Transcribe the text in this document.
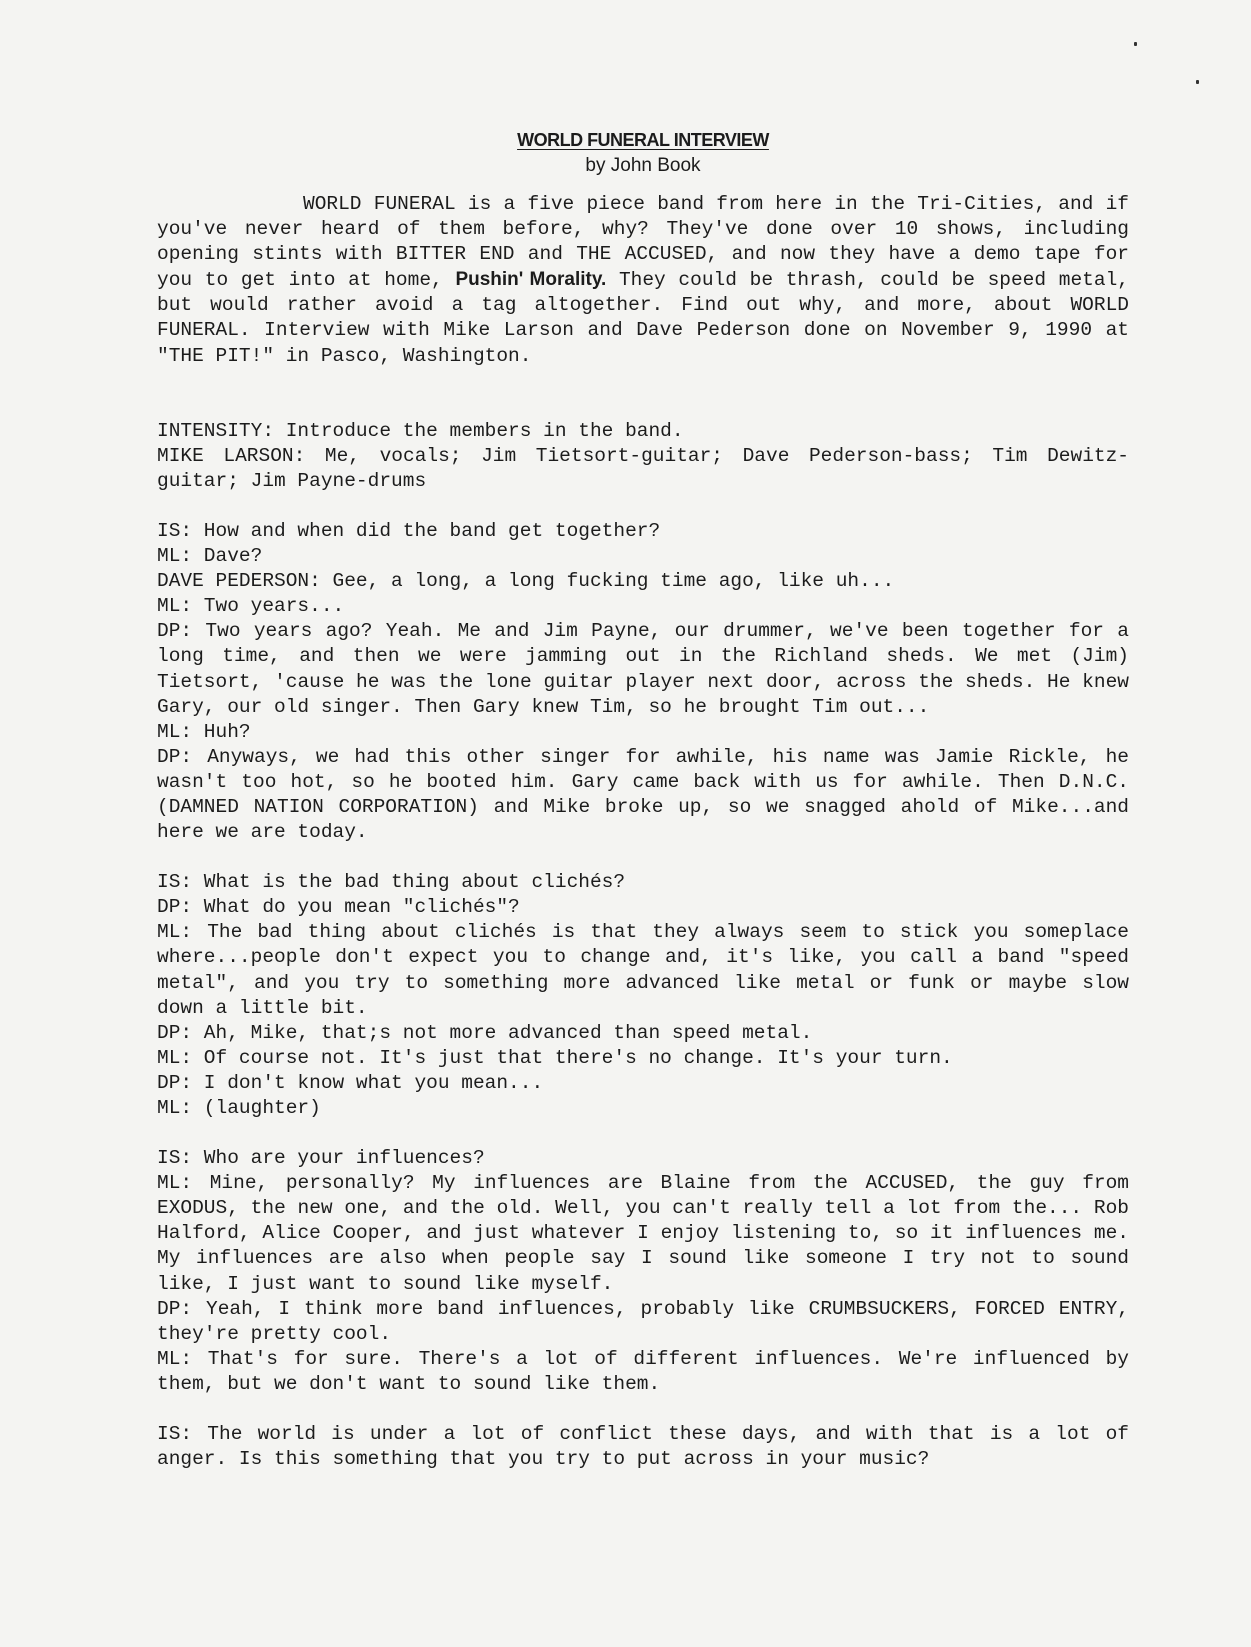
WORLD FUNERAL INTERVIEW
by John Book
WORLD FUNERAL is a five piece band from here in the Tri-Cities, and if you've never heard of them before, why? They've done over 10 shows, including opening stints with BITTER END and THE ACCUSED, and now they have a demo tape for you to get into at home, Pushin' Morality. They could be thrash, could be speed metal, but would rather avoid a tag altogether. Find out why, and more, about WORLD FUNERAL. Interview with Mike Larson and Dave Pederson done on November 9, 1990 at "THE PIT!" in Pasco, Washington.
INTENSITY: Introduce the members in the band.
MIKE LARSON: Me, vocals; Jim Tietsort-guitar; Dave Pederson-bass; Tim Dewitz-guitar; Jim Payne-drums
IS: How and when did the band get together?
ML: Dave?
DAVE PEDERSON: Gee, a long, a long fucking time ago, like uh...
ML: Two years...
DP: Two years ago? Yeah. Me and Jim Payne, our drummer, we've been together for a long time, and then we were jamming out in the Richland sheds. We met (Jim) Tietsort, 'cause he was the lone guitar player next door, across the sheds. He knew Gary, our old singer. Then Gary knew Tim, so he brought Tim out...
ML: Huh?
DP: Anyways, we had this other singer for awhile, his name was Jamie Rickle, he wasn't too hot, so he booted him. Gary came back with us for awhile. Then D.N.C. (DAMNED NATION CORPORATION) and Mike broke up, so we snagged ahold of Mike...and here we are today.
IS: What is the bad thing about clichés?
DP: What do you mean "clichés"?
ML: The bad thing about clichés is that they always seem to stick you someplace where...people don't expect you to change and, it's like, you call a band "speed metal", and you try to something more advanced like metal or funk or maybe slow down a little bit.
DP: Ah, Mike, that;s not more advanced than speed metal.
ML: Of course not. It's just that there's no change. It's your turn.
DP: I don't know what you mean...
ML: (laughter)
IS: Who are your influences?
ML: Mine, personally? My influences are Blaine from the ACCUSED, the guy from EXODUS, the new one, and the old. Well, you can't really tell a lot from the... Rob Halford, Alice Cooper, and just whatever I enjoy listening to, so it influences me. My influences are also when people say I sound like someone I try not to sound like, I just want to sound like myself.
DP: Yeah, I think more band influences, probably like CRUMBSUCKERS, FORCED ENTRY, they're pretty cool.
ML: That's for sure. There's a lot of different influences. We're influenced by them, but we don't want to sound like them.
IS: The world is under a lot of conflict these days, and with that is a lot of anger. Is this something that you try to put across in your music?
